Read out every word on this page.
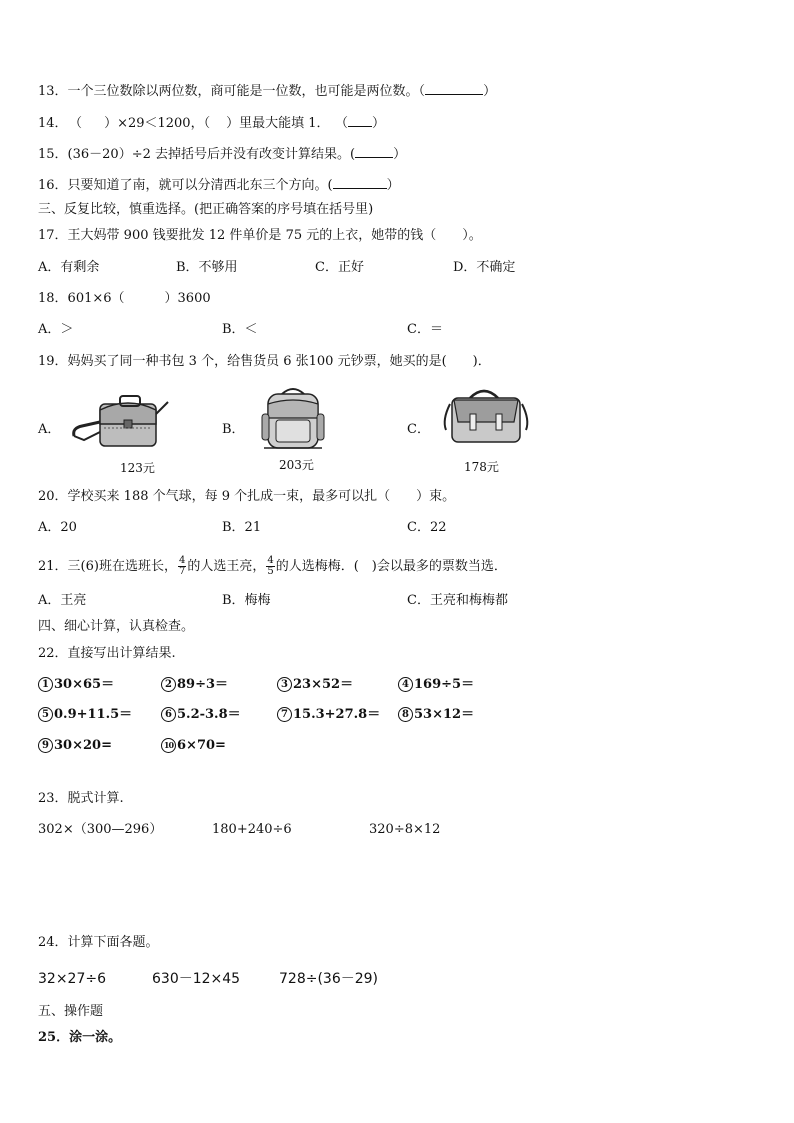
13．一个三位数除以两位数，商可能是一位数，也可能是两位数。（	）
14． （ ）×29＜1200，（ ）里最大能填 1． （ ）
15．(36－20）÷2 去掉括号后并没有改变计算结果。(	）
16．只要知道了南，就可以分清西北东三个方向。(	）
三、反复比较，慎重选择。(把正确答案的序号填在括号里)
17．王大妈带 900 钱要批发 12 件单价是 75 元的上衣，她带的钱（　　）。
A．有剩余	B．不够用	C．正好	D．不确定
18．601×6（	）3600
A．＞	B．＜	C．＝
19．妈妈买了同一种书包 3 个，给售货员 6 张100 元钞票，她买的是(　　)．
A．	B．	C．
123元	203元	178元
20．学校买来 188 个气球，每 9 个扎成一束，最多可以扎（　　）束。
A．20	B．21	C．22
21．三(6)班在选班长， $\frac{4}{7}$ 的人选王亮， $\frac{4}{5}$ 的人选梅梅．(　)会以最多的票数当选．
A．王亮	B．梅梅	C．王亮和梅梅都
四、细心计算，认真检查。
22．直接写出计算结果.
1 30×65＝	2 89÷3＝	3 23×52＝	4 169÷5＝
5 0.9+11.5＝	6 5.2-3.8＝	7 15.3+27.8＝	8 53×12＝
9 30×20=	10 6×70=
23．脱式计算.
302×（300—296）	180+240÷6	320÷8×12
24．计算下面各题。
32×27÷6	630－12×45	728÷(36－29)
五、操作题
25．涂一涂。
